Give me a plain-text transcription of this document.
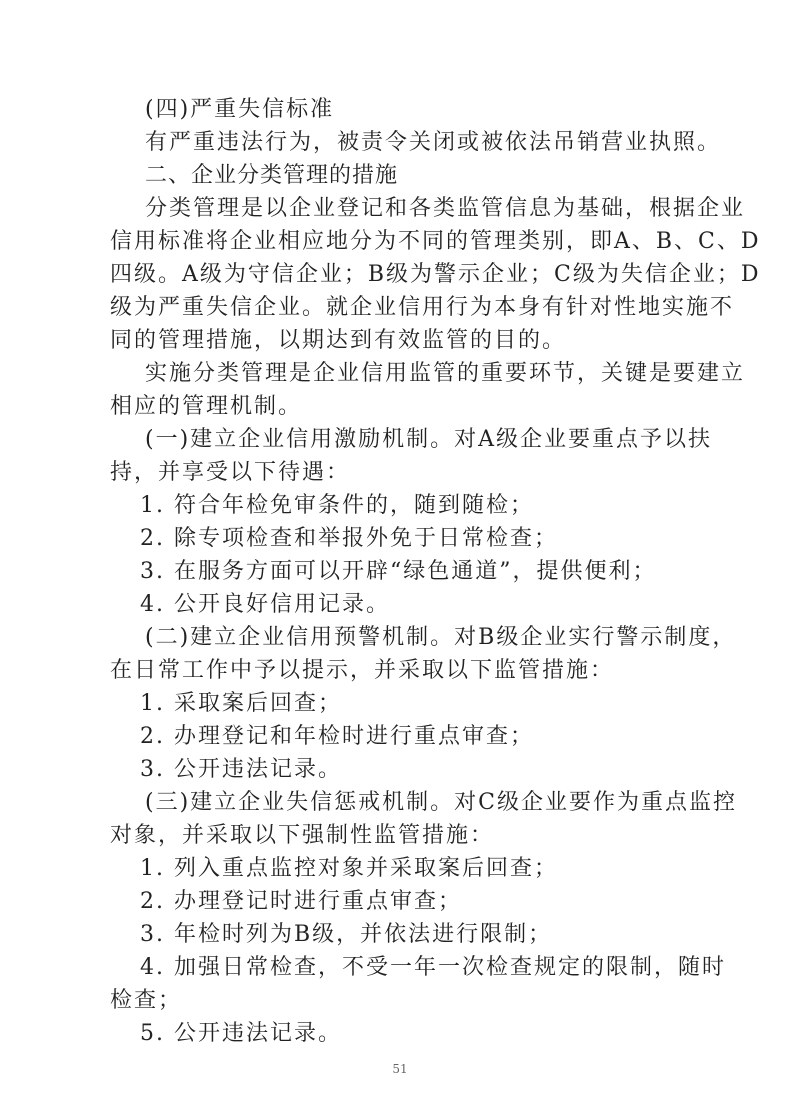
(四)严重失信标准
有严重违法行为，被责令关闭或被依法吊销营业执照。
二、企业分类管理的措施
分类管理是以企业登记和各类监管信息为基础，根据企业
信用标准将企业相应地分为不同的管理类别，即A、B、C、D
四级。A级为守信企业；B级为警示企业；C级为失信企业；D
级为严重失信企业。就企业信用行为本身有针对性地实施不
同的管理措施，以期达到有效监管的目的。
实施分类管理是企业信用监管的重要环节，关键是要建立
相应的管理机制。
(一)建立企业信用激励机制。对A级企业要重点予以扶
持，并享受以下待遇：
1. 符合年检免审条件的，随到随检；
2. 除专项检查和举报外免于日常检查；
3. 在服务方面可以开辟“绿色通道”，提供便利；
4. 公开良好信用记录。
(二)建立企业信用预警机制。对B级企业实行警示制度，
在日常工作中予以提示，并采取以下监管措施：
1. 采取案后回查；
2. 办理登记和年检时进行重点审查；
3. 公开违法记录。
(三)建立企业失信惩戒机制。对C级企业要作为重点监控
对象，并采取以下强制性监管措施：
1. 列入重点监控对象并采取案后回查；
2. 办理登记时进行重点审查；
3. 年检时列为B级，并依法进行限制；
4. 加强日常检查，不受一年一次检查规定的限制，随时
检查；
5. 公开违法记录。
51
